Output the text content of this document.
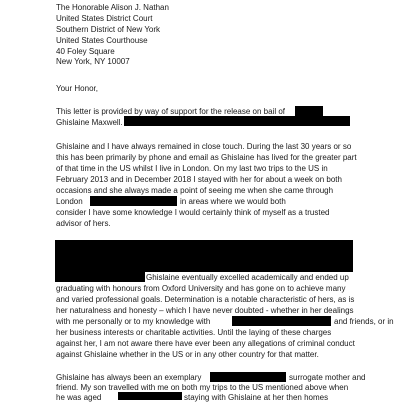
The Honorable Alison J. Nathan
United States District Court
Southern District of New York
United States Courthouse
40 Foley Square
New York, NY 10007
Your Honor,
This letter is provided by way of support for the release on bail of
Ghislaine Maxwell.
Ghislaine and I have always remained in close touch. During the last 30 years or so
this has been primarily by phone and email as Ghislaine has lived for the greater part
of that time in the US whilst I live in London. On my last two trips to the US in
February 2013 and in December 2018 I stayed with her for about a week on both
occasions and she always made a point of seeing me when she came through
London	in areas where we would both
consider I have some knowledge I would certainly think of myself as a trusted
advisor of hers.
Ghislaine eventually excelled academically and ended up
graduating with honours from Oxford University and has gone on to achieve many
and varied professional goals. Determination is a notable characteristic of hers, as is
her naturalness and honesty – which I have never doubted - whether in her dealings
with me personally or to my knowledge with	and friends, or in
her business interests or charitable activities. Until the laying of these charges
against her, I am not aware there have ever been any allegations of criminal conduct
against Ghislaine whether in the US or in any other country for that matter.
Ghislaine has always been an exemplary	surrogate mother and
friend. My son travelled with me on both my trips to the US mentioned above when
he was aged	staying with Ghislaine at her then homes
